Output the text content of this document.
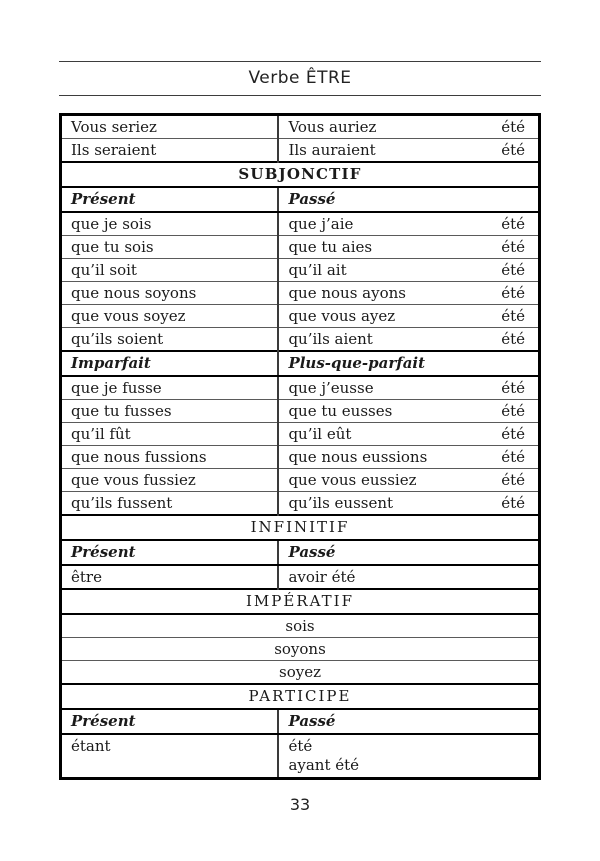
Verbe ÊTRE
Vous seriez	Vous auriez été

Ils seraient	Ils auraient été

SUBJONCTIF	
Présent	Passé
que je sois	que j’aie été

que tu sois	que tu aies été

qu’il soit	qu’il ait été

que nous soyons	que nous ayons été

que vous soyez	que vous ayez été

qu’ils soient	qu’ils aient été

Imparfait	Plus-que-parfait
que je fusse	que j’eusse été

que tu fusses	que tu eusses été

qu’il fût	qu’il eût été

que nous fussions	que nous eussions été

que vous fussiez	que vous eussiez été

qu’ils fussent	qu’ils eussent été

INFINITIF	
Présent	Passé
être	avoir été

IMPÉRATIF	
sois	
soyons	
soyez	
PARTICIPE	
Présent	Passé
étant	été
ayant été
33
